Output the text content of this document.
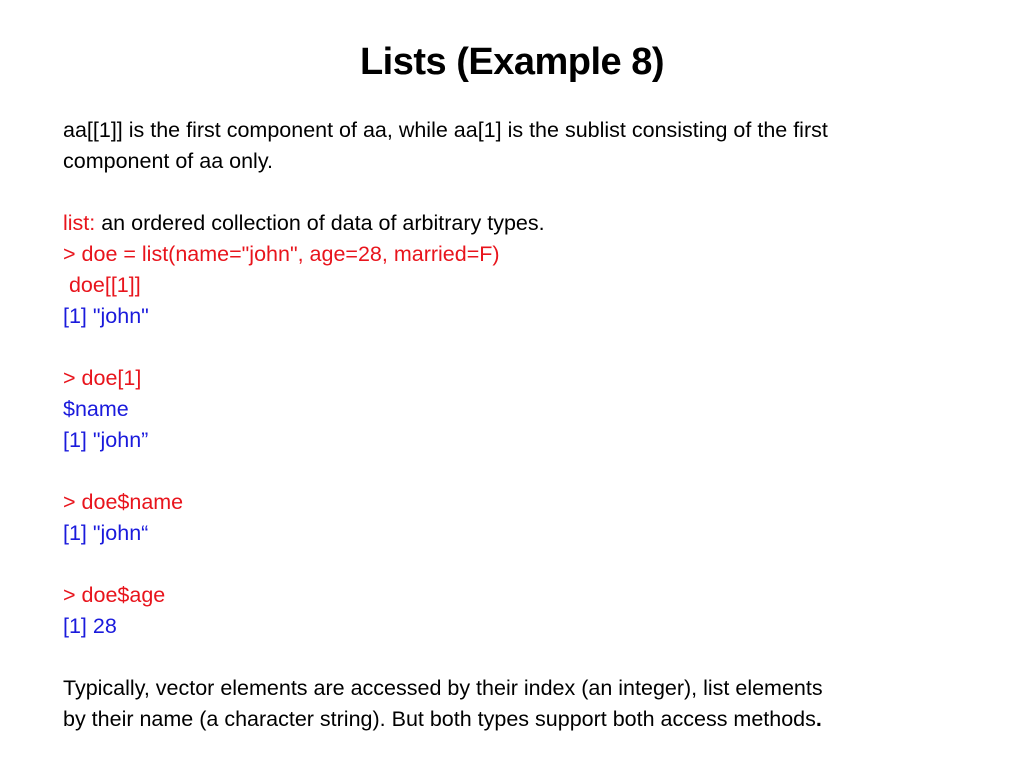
Lists (Example 8)
aa[[1]] is the first component of aa, while aa[1] is the sublist consisting of the first
component of aa only.
list: an ordered collection of data of arbitrary types.
> doe = list(name="john", age=28, married=F)
doe[[1]]
[1] "john"
> doe[1]
$name
[1] "john”
> doe$name
[1] "john“
> doe$age
[1] 28
Typically, vector elements are accessed by their index (an integer), list elements
by their name (a character string). But both types support both access methods.
